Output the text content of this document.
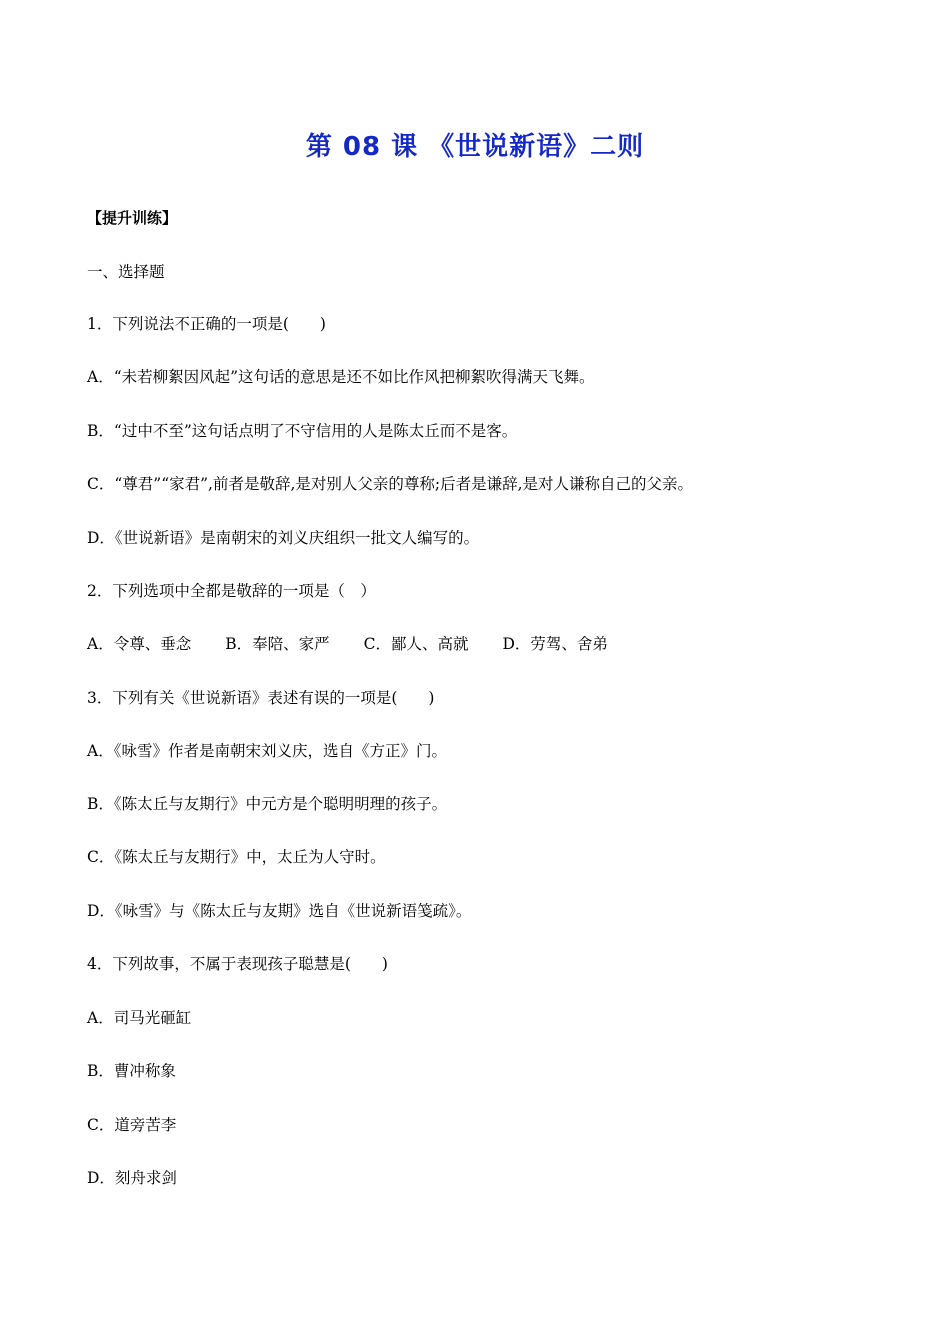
第 08 课 《世说新语》二则
【提升训练】
一、选择题
1．下列说法不正确的一项是(　　)
A．“未若柳絮因风起”这句话的意思是还不如比作风把柳絮吹得满天飞舞。
B．“过中不至”这句话点明了不守信用的人是陈太丘而不是客。
C．“尊君”“家君”,前者是敬辞,是对别人父亲的尊称;后者是谦辞,是对人谦称自己的父亲。
D．《世说新语》是南朝宋的刘义庆组织一批文人编写的。
2．下列选项中全都是敬辞的一项是（　）
A．令尊、垂念 B．奉陪、家严 C．鄙人、高就 D．劳驾、舍弟
3．下列有关《世说新语》表述有误的一项是(　　)
A．《咏雪》作者是南朝宋刘义庆，选自《方正》门。
B．《陈太丘与友期行》中元方是个聪明明理的孩子。
C．《陈太丘与友期行》中，太丘为人守时。
D．《咏雪》与《陈太丘与友期》选自《世说新语笺疏》。
4．下列故事，不属于表现孩子聪慧是(　　)
A．司马光砸缸
B．曹冲称象
C．道旁苦李
D．刻舟求剑
